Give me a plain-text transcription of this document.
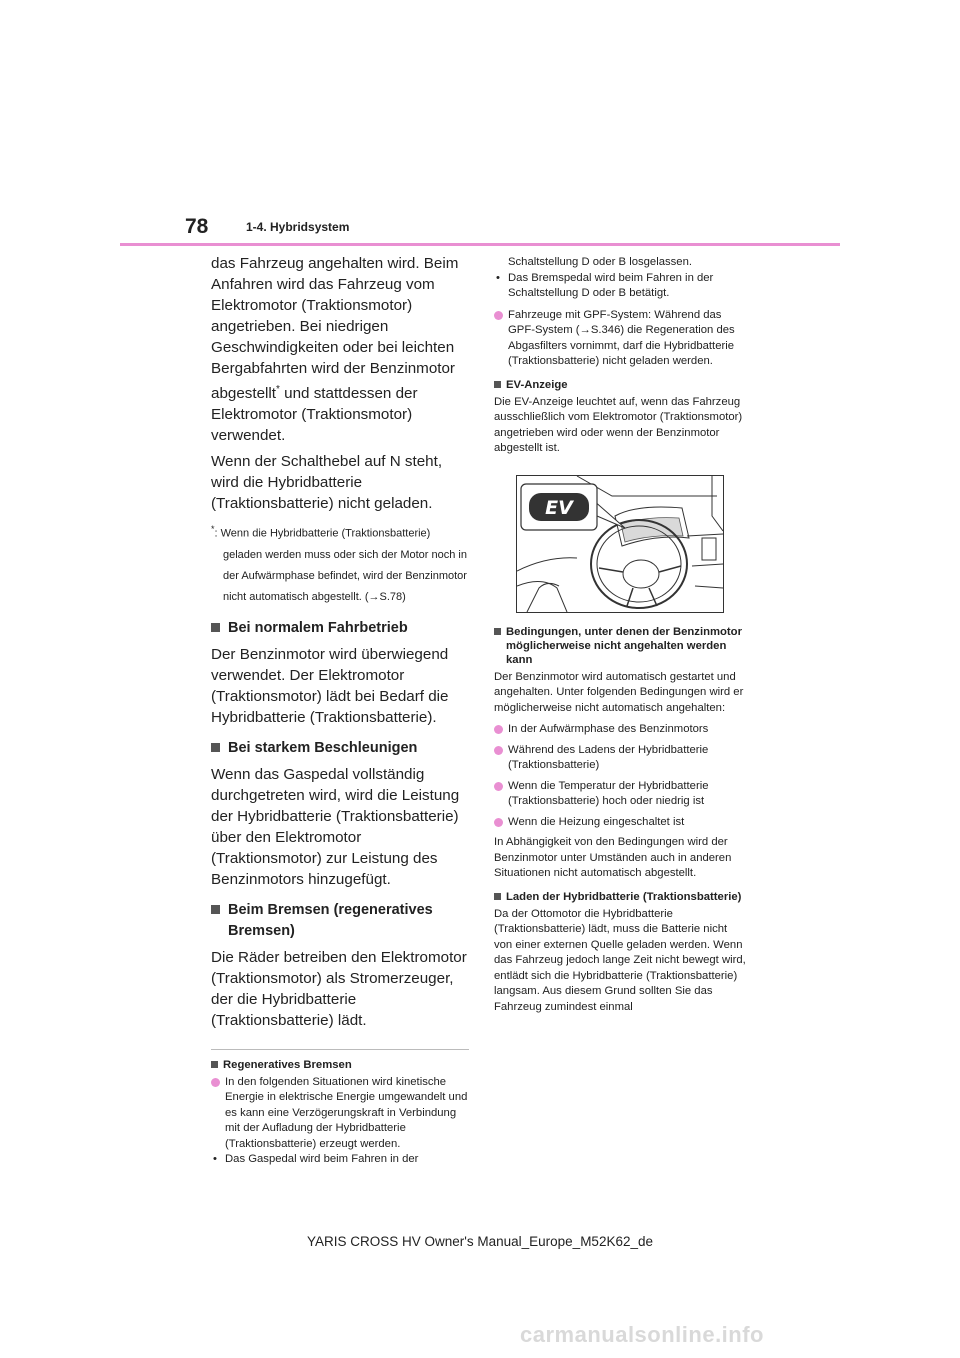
78	1-4. Hybridsystem

das Fahrzeug angehalten wird. Beim Anfahren wird das Fahrzeug vom Elektromotor (Traktionsmotor) angetrieben. Bei niedrigen Geschwindigkeiten oder bei leichten Bergabfahrten wird der Benzinmotor abgestellt* und stattdessen der Elektromotor (Traktionsmotor) verwendet.

Wenn der Schalthebel auf N steht, wird die Hybridbatterie (Traktionsbatterie) nicht geladen.

*: Wenn die Hybridbatterie (Traktionsbatterie) geladen werden muss oder sich der Motor noch in der Aufwärmphase befindet, wird der Benzinmotor nicht automatisch abgestellt. (→S.78)

Bei normalem Fahrbetrieb

Der Benzinmotor wird überwiegend verwendet. Der Elektromotor (Traktionsmotor) lädt bei Bedarf die Hybridbatterie (Traktionsbatterie).

Bei starkem Beschleunigen

Wenn das Gaspedal vollständig durchgetreten wird, wird die Leistung der Hybridbatterie (Traktionsbatterie) über den Elektromotor (Traktionsmotor) zur Leistung des Benzinmotors hinzugefügt.

Beim Bremsen (regeneratives Bremsen)

Die Räder betreiben den Elektromotor (Traktionsmotor) als Stromerzeuger, der die Hybridbatterie (Traktionsbatterie) lädt.

Regeneratives Bremsen
In den folgenden Situationen wird kinetische Energie in elektrische Energie umgewandelt und es kann eine Verzögerungskraft in Verbindung mit der Aufladung der Hybridbatterie (Traktionsbatterie) erzeugt werden.
• Das Gaspedal wird beim Fahren in der

Schaltstellung D oder B losgelassen.

• Das Bremspedal wird beim Fahren in der Schaltstellung D oder B betätigt.
Fahrzeuge mit GPF-System: Während das GPF-System (→S.346) die Regeneration des Abgasfilters vornimmt, darf die Hybridbatterie (Traktionsbatterie) nicht geladen werden.
EV-Anzeige

Die EV-Anzeige leuchtet auf, wenn das Fahrzeug ausschließlich vom Elektromotor (Traktionsmotor) angetrieben wird oder wenn der Benzinmotor abgestellt ist.

EV
Bedingungen, unter denen der Benzinmotor möglicherweise nicht angehalten werden kann

Der Benzinmotor wird automatisch gestartet und angehalten. Unter folgenden Bedingungen wird er möglicherweise nicht automatisch angehalten:

In der Aufwärmphase des Benzinmotors
Während des Ladens der Hybridbatterie (Traktionsbatterie)
Wenn die Temperatur der Hybridbatterie (Traktionsbatterie) hoch oder niedrig ist
Wenn die Heizung eingeschaltet ist

In Abhängigkeit von den Bedingungen wird der Benzinmotor unter Umständen auch in anderen Situationen nicht automatisch abgestellt.

Laden der Hybridbatterie (Traktionsbatterie)

Da der Ottomotor die Hybridbatterie (Traktionsbatterie) lädt, muss die Batterie nicht von einer externen Quelle geladen werden. Wenn das Fahrzeug jedoch lange Zeit nicht bewegt wird, entlädt sich die Hybridbatterie (Traktionsbatterie) langsam. Aus diesem Grund sollten Sie das Fahrzeug zumindest einmal

YARIS CROSS HV Owner's Manual_Europe_M52K62_de
carmanualsonline.info
